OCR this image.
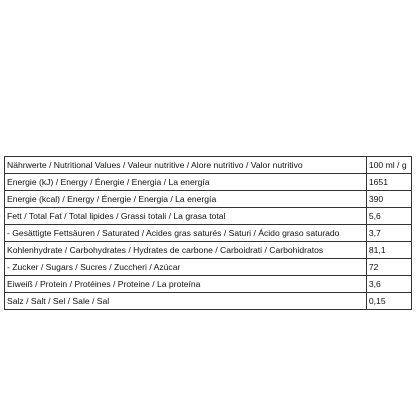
Nährwerte / Nutritional Values / Valeur nutritive / Alore nutritivo / Valor nutritivo	100 ml / g
Energie (kJ) / Energy / Énergie / Energia / La energía	1651
Energie (kcal) / Energy / Énergie / Energia / La energía	390
Fett / Total Fat / Total lipides / Grassi totali / La grasa total	5,6
- Gesättigte Fettsäuren / Saturated / Acides gras saturés / Saturi / Ácido graso saturado	3,7
Kohlenhydrate / Carbohydrates / Hydrates de carbone / Carboidrati / Carbohidratos	81,1
- Zucker / Sugars / Sucres / Zuccheri / Azúcar	72
Eiweiß / Protein / Protéines / Proteine / La proteína	3,6
Salz / Salt / Sel / Sale / Sal	0,15
